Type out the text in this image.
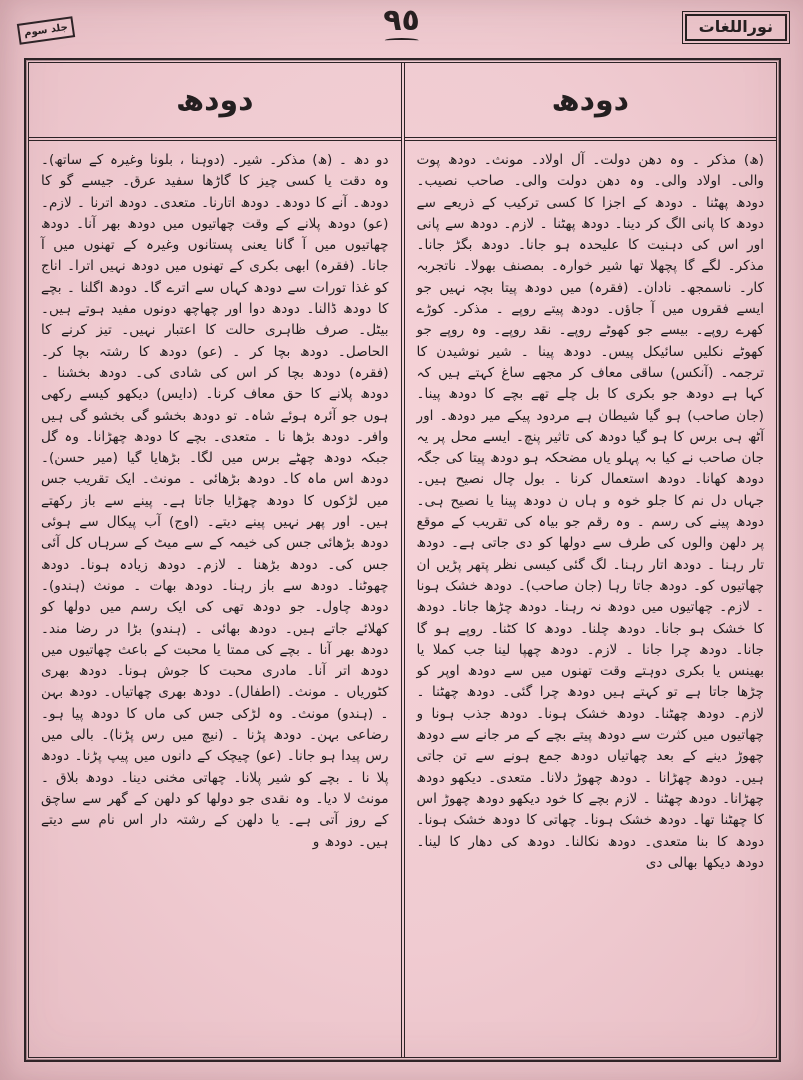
جلد سوم	٩٥	نوراللغات
دودھ	دودھ
دو دھ ۔ (ھ) مذکر۔ شیر۔ (دوہنا ، بلونا وغیرہ کے ساتھ)۔ وہ دقت یا کسی چیز کا گاڑھا سفید عرق۔ جیسے گو کا دودھ۔ آنے کا دودھ۔ دودھ اتارنا۔ متعدی۔ دودھ اترنا ۔ لازم۔ (عو) دودھ پلانے کے وقت چھاتیوں میں دودھ بھر آنا۔ دودھ چھاتیوں میں آ گانا یعنی پستانوں وغیرہ کے تھنوں میں آ جانا۔ (فقرہ) ابھی بکری کے تھنوں میں دودھ نہیں اترا۔ اناج کو غذا تورات سے دودھ کہاں سے اترے گا۔ دودھ اگلنا ۔ بچے کا دودھ ڈالنا۔ دودھ دوا اور چھاچھ دونوں مفید ہوتے ہیں۔ بیٹل۔ صرف ظاہری حالت کا اعتبار نہیں۔ تیز کرنے کا الحاصل۔ دودھ بچا کر ۔ (عو) دودھ کا رشتہ بچا کر۔ (فقرہ) دودھ بچا کر اس کی شادی کی۔ دودھ بخشنا ۔ دودھ پلانے کا حق معاف کرنا۔ (دایس) دیکھو کیسے رکھی ہوں جو آئرہ ہوئے شاہ۔ تو دودھ بخشو گی بخشو گی ہیں وافر۔ دودھ بڑھا نا ۔ متعدی۔ بچے کا دودھ چھڑانا۔ وہ گل جبکہ دودھ چھٹے برس میں لگا۔ بڑھایا گیا (میر حسن)۔ دودھ اس ماہ کا۔ دودھ بڑھائی ۔ مونث۔ ایک تقریب جس میں لڑکوں کا دودھ چھڑایا جاتا ہے۔ پینے سے باز رکھتے ہیں۔ اور پھر نہیں پینے دیتے۔ (اوج) آب پیکال سے ہوئی دودھ بڑھائی جس کی خیمہ کے سے میٹ کے سرہاں کل آئی جس کی۔ دودھ بڑھنا ۔ لازم۔ دودھ زیادہ ہونا۔ دودھ چھوٹنا۔ دودھ سے باز رہنا۔ دودھ بھات ۔ مونث (ہندو)۔ دودھ چاول۔ جو دودھ تھی کی ایک رسم میں دولھا کو کھلائے جاتے ہیں۔ دودھ بھائی ۔ (ہندو) بڑا در رضا مند۔ دودھ بھر آنا ۔ بچے کی ممتا یا محبت کے باعث چھاتیوں میں دودھ اتر آنا۔ مادری محبت کا جوش ہونا۔ دودھ بھری کٹوریاں ۔ مونث۔ (اطفال)۔ دودھ بھری چھاتیاں۔ دودھ بہن ۔ (ہندو) مونث۔ وہ لڑکی جس کی ماں کا دودھ پیا ہو۔ رضاعی بہن۔ دودھ پڑنا ۔ (نیچ میں رس پڑنا)۔ بالی میں رس پیدا ہو جانا۔ (عو) چیچک کے دانوں میں پیپ پڑنا۔ دودھ پلا نا ۔ بچے کو شیر پلانا۔ چھاتی مخنی دینا۔ دودھ بلاق ۔ مونث لا دیا۔ وہ نقدی جو دولھا کو دلھن کے گھر سے ساچق کے روز آتی ہے۔ یا دلھن کے رشتہ دار اس نام سے دیتے ہیں۔ دودھ و
(ھ) مذکر ۔ وہ دھن دولت۔ آل اولاد۔ مونث۔ دودھ پوت والی۔ اولاد والی۔ وہ دھن دولت والی۔ صاحب نصیب۔ دودھ پھٹنا ۔ دودھ کے اجزا کا کسی ترکیب کے ذریعے سے دودھ کا پانی الگ کر دینا۔ دودھ پھٹنا ۔ لازم۔ دودھ سے پانی اور اس کی دہنیت کا علیحدہ ہو جانا۔ دودھ بگڑ جانا۔ مذکر۔ لگے گا پچھلا تھا شیر خوارہ۔ بمصنف بھولا۔ ناتجربہ کار۔ ناسمجھ۔ نادان۔ (فقرہ) میں دودھ پیتا بچہ نہیں جو ایسے فقروں میں آ جاؤں۔ دودھ پیتے روپے ۔ مذکر۔ کوڑے کھرے روپے۔ بیسے جو کھوٹے روپے۔ نقد روپے۔ وہ روپے جو کھوٹے نکلیں سائیکل پیس۔ دودھ پینا ۔ شیر نوشیدن کا ترجمہ۔ (آنکس) ساقی معاف کر مجھے ساغ کہتے ہیں کہ کہا ہے دودھ جو بکری کا بل چلے تھے بچے کا دودھ پینا۔ (جان صاحب) ہو گیا شیطان ہے مردود پیکے میر دودھ۔ اور آٹھ ہی برس کا ہو گیا دودھ کی تاثیر پنچ۔ ایسے محل پر یہ جان صاحب نے کیا بہ پہلو یاں مضحکہ ہو دودھ پیتا کی جگہ دودھ کھانا۔ دودھ استعمال کرنا ۔ بول چال نصیح ہیں۔ جہاں دل نم کا جلو خوہ و ہاں ن دودھ پینا یا نصیح ہی۔ دودھ پینے کی رسم ۔ وہ رقم جو بیاہ کی تقریب کے موقع پر دلھن والوں کی طرف سے دولھا کو دی جاتی ہے۔ دودھ تار رہنا ۔ دودھ اتار رہنا۔ لگ گئی کیسی نظر پتھر پڑیں ان چھاتیوں کو۔ دودھ جاتا رہا (جان صاحب)۔ دودھ خشک ہونا ۔ لازم۔ چھاتیوں میں دودھ نہ رہنا۔ دودھ چڑھا جانا۔ دودھ کا خشک ہو جانا۔ دودھ چلنا۔ دودھ کا کٹنا۔ روپے ہو گا جانا۔ دودھ چرا جانا ۔ لازم۔ دودھ چھپا لینا جب کملا یا بھینس یا بکری دوہتے وقت تھنوں میں سے دودھ اوپر کو چڑھا جاتا ہے تو کہتے ہیں دودھ چرا گئی۔ دودھ چھٹنا ۔ لازم۔ دودھ چھٹنا۔ دودھ خشک ہونا۔ دودھ جذب ہونا و چھاتیوں میں کثرت سے دودھ پیتے بچے کے مر جانے سے دودھ چھوڑ دینے کے بعد چھاتیاں دودھ جمع ہونے سے تن جاتی ہیں۔ دودھ چھڑانا ۔ دودھ چھوڑ دلانا۔ متعدی۔ دیکھو دودھ چھڑانا۔ دودھ چھٹنا ۔ لازم بچے کا خود دیکھو دودھ چھوڑ اس کا چھٹنا تھا۔ دودھ خشک ہونا۔ چھاتی کا دودھ خشک ہونا۔ دودھ کا بنا متعدی۔ دودھ نکالنا۔ دودھ کی دھار کا لینا۔ دودھ دیکھا بھالی دی
